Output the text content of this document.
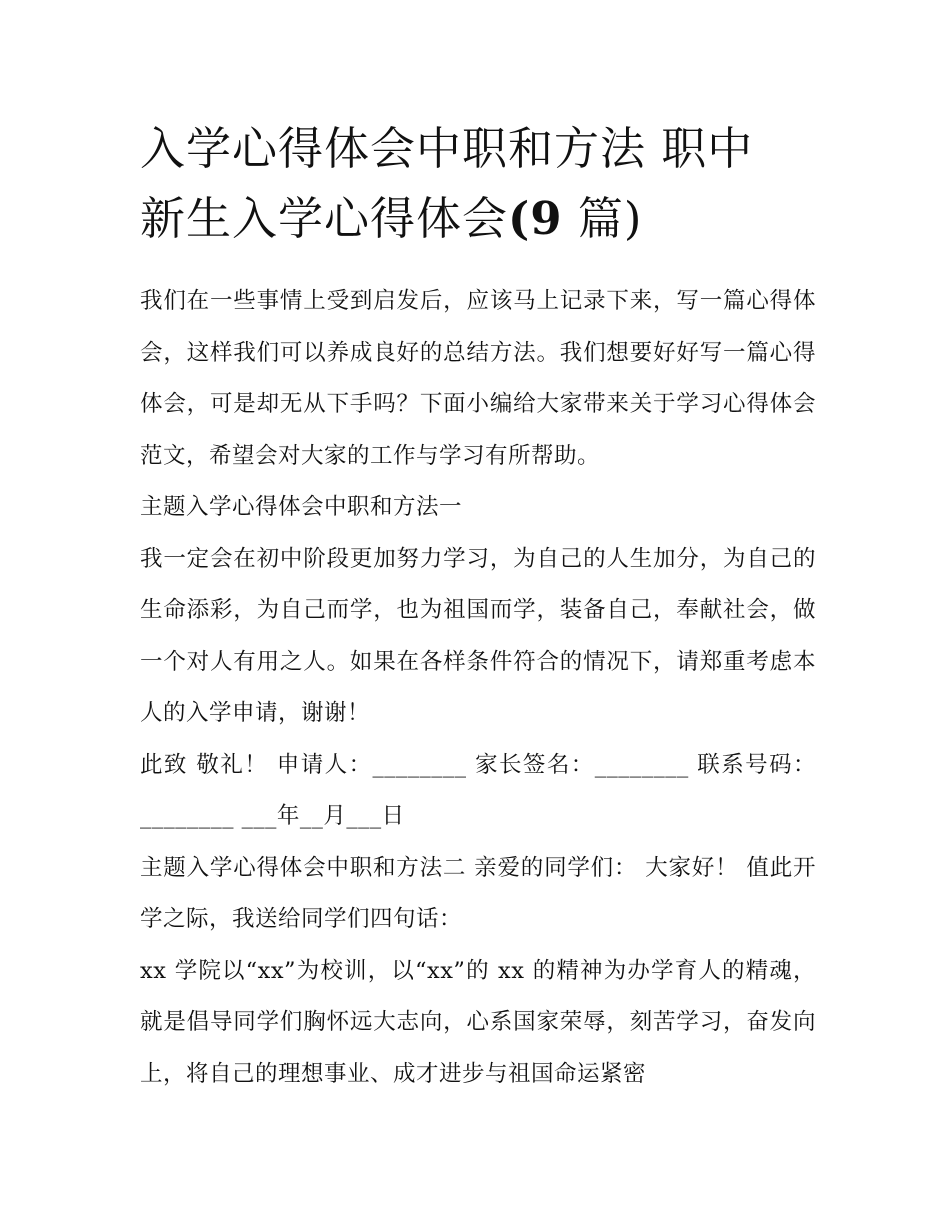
入学心得体会中职和方法 职中
新生入学心得体会(9 篇)

我们在一些事情上受到启发后，应该马上记录下来，写一篇心得体会，这样我们可以养成良好的总结方法。我们想要好好写一篇心得体会，可是却无从下手吗？下面小编给大家带来关于学习心得体会范文，希望会对大家的工作与学习有所帮助。

主题入学心得体会中职和方法一

我一定会在初中阶段更加努力学习，为自己的人生加分，为自己的生命添彩，为自己而学，也为祖国而学，装备自己，奉献社会，做一个对人有用之人。如果在各样条件符合的情况下，请郑重考虑本人的入学申请，谢谢！

此致 敬礼！ 申请人：________ 家长签名：________ 联系号码：________ ___年__月___日

主题入学心得体会中职和方法二 亲爱的同学们： 大家好！ 值此开学之际，我送给同学们四句话：

xx 学院以“xx”为校训，以“xx”的 xx 的精神为办学育人的精魂，就是倡导同学们胸怀远大志向，心系国家荣辱，刻苦学习，奋发向上，将自己的理想事业、成才进步与祖国命运紧密
